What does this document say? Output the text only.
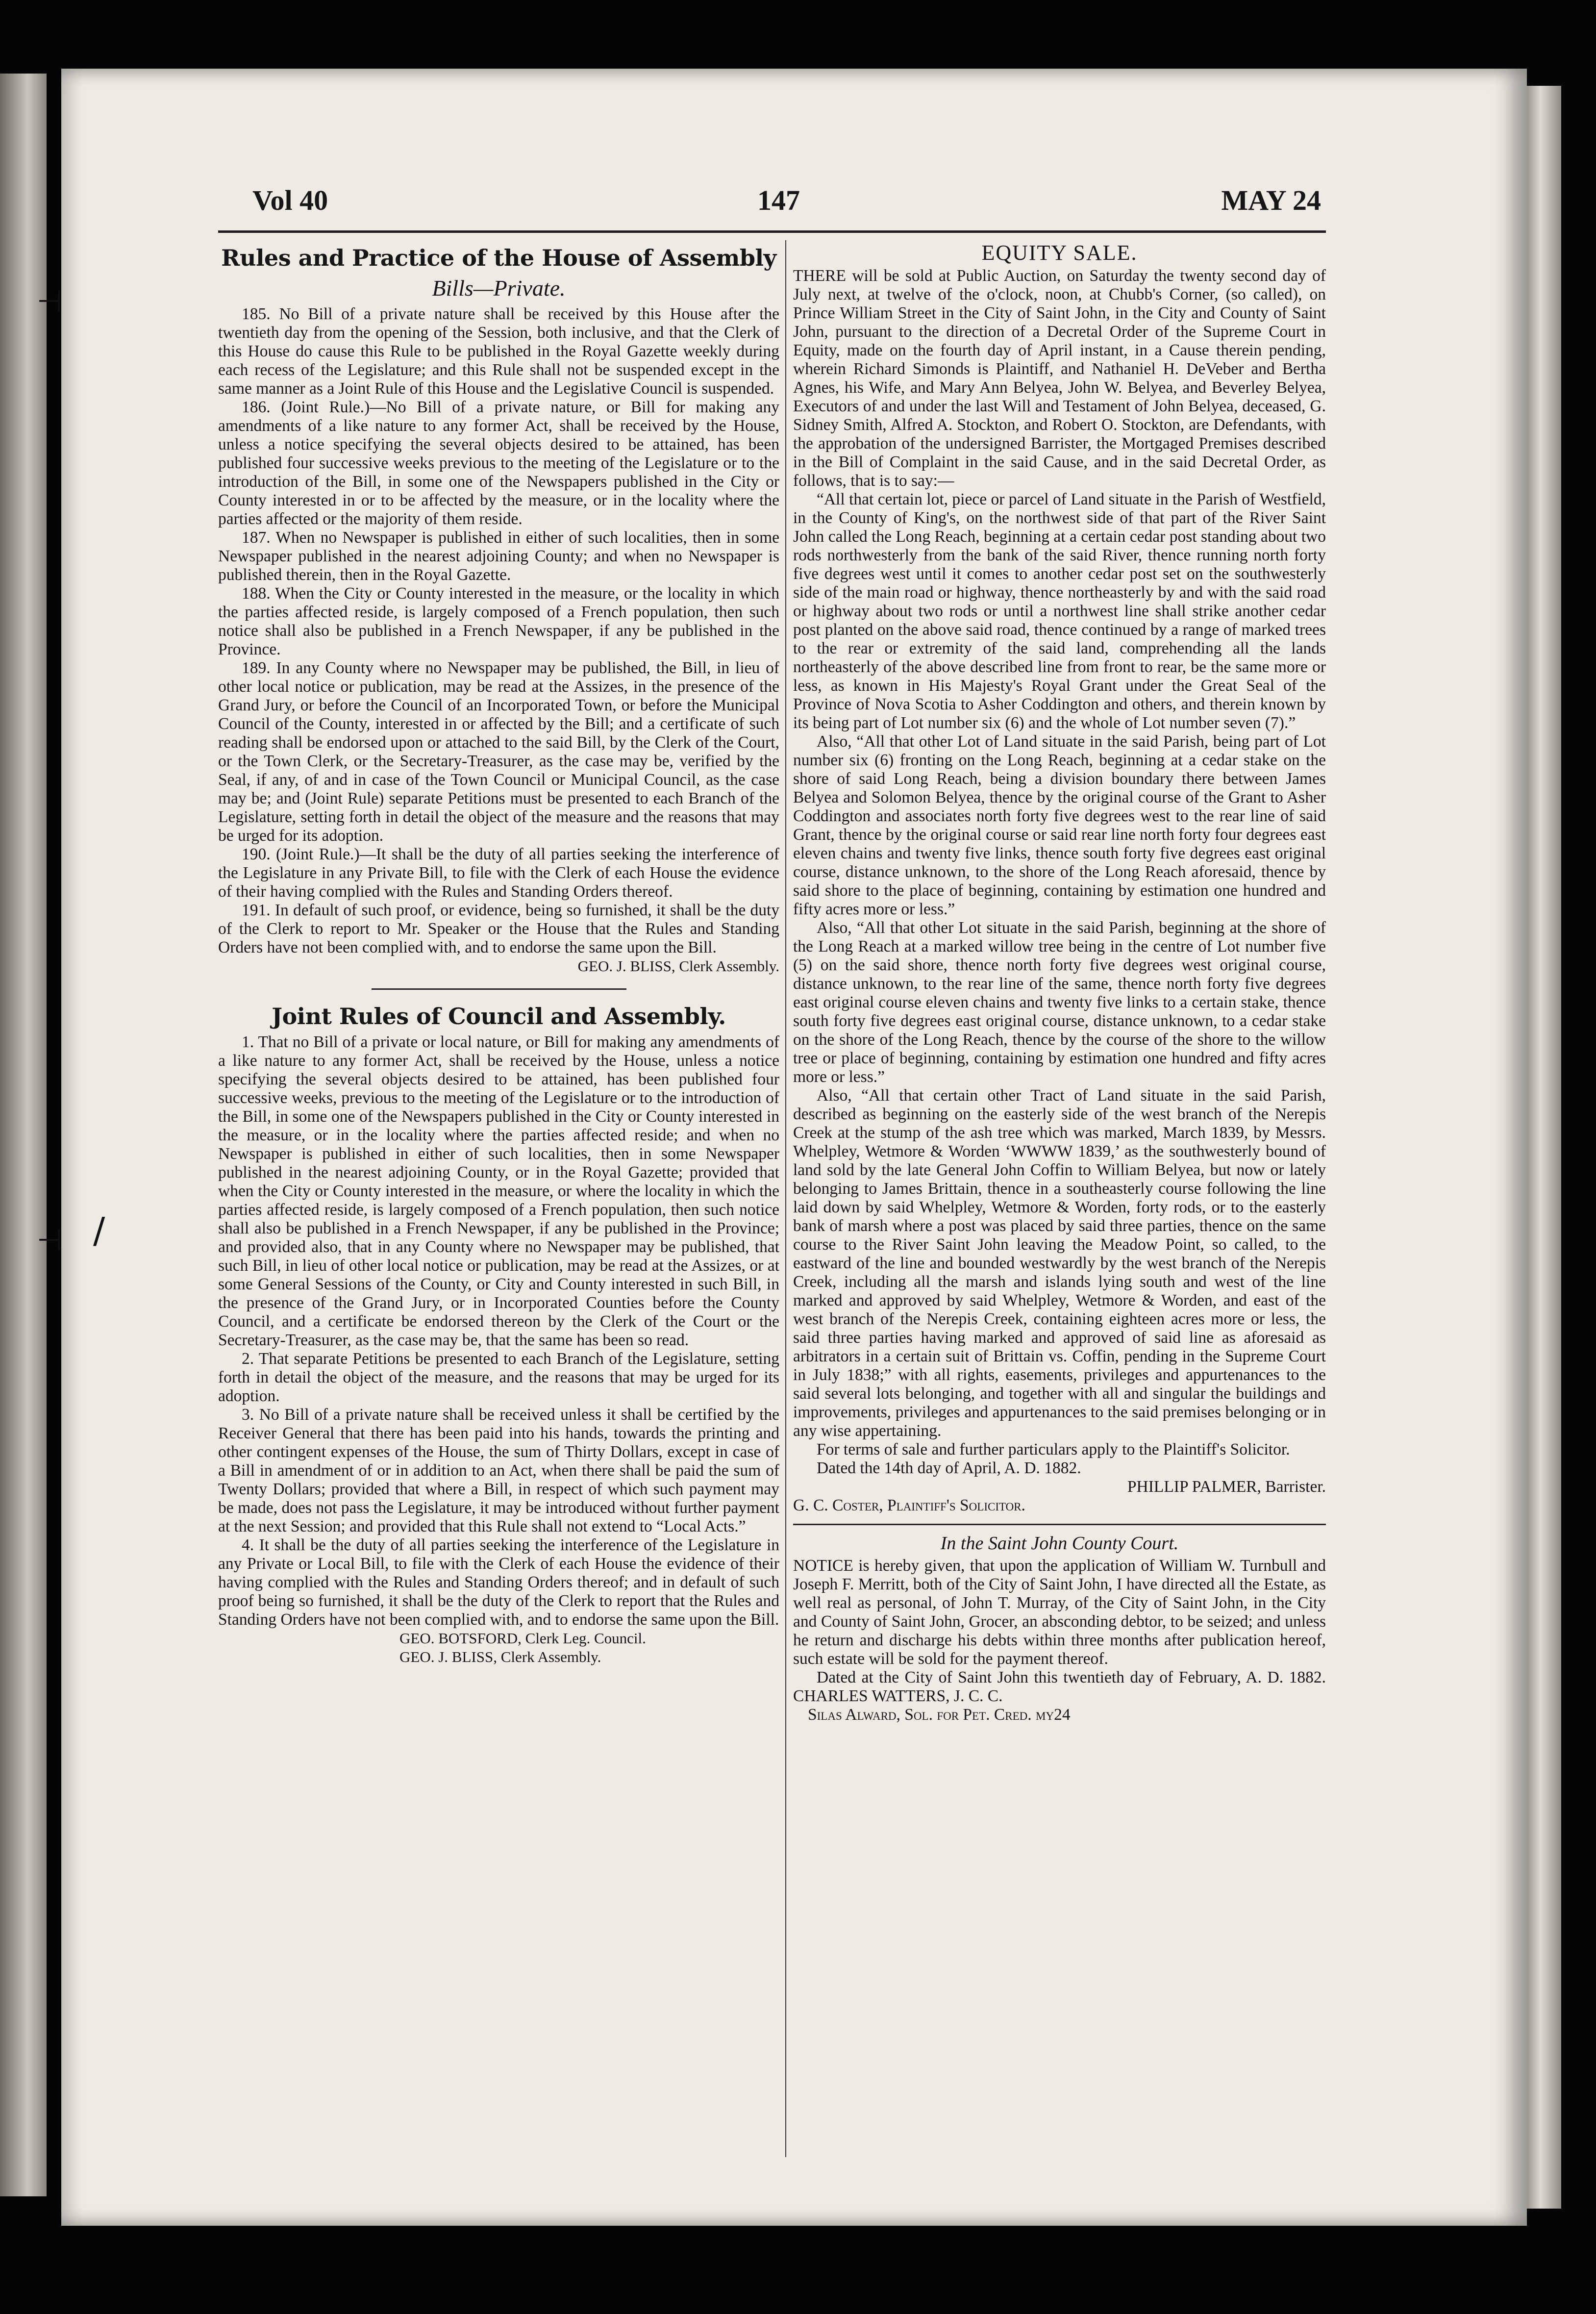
⊣
/
⊣
Vol 40	147	MAY 24
Rules and Practice of the House of Assembly
Bills—Private.

185. No Bill of a private nature shall be received by this House after the twentieth day from the opening of the Session, both inclusive, and that the Clerk of this House do cause this Rule to be published in the Royal Gazette weekly during each recess of the Legislature; and this Rule shall not be suspended except in the same manner as a Joint Rule of this House and the Legislative Council is suspended.

186. (Joint Rule.)—No Bill of a private nature, or Bill for making any amendments of a like nature to any former Act, shall be received by the House, unless a notice specifying the several objects desired to be attained, has been published four successive weeks previous to the meeting of the Legislature or to the introduction of the Bill, in some one of the Newspapers published in the City or County interested in or to be affected by the measure, or in the locality where the parties affected or the majority of them reside.

187. When no Newspaper is published in either of such localities, then in some Newspaper published in the nearest adjoining County; and when no Newspaper is published therein, then in the Royal Gazette.

188. When the City or County interested in the measure, or the locality in which the parties affected reside, is largely composed of a French population, then such notice shall also be published in a French Newspaper, if any be published in the Province.

189. In any County where no Newspaper may be published, the Bill, in lieu of other local notice or publication, may be read at the Assizes, in the presence of the Grand Jury, or before the Council of an Incorporated Town, or before the Municipal Council of the County, interested in or affected by the Bill; and a certificate of such reading shall be endorsed upon or attached to the said Bill, by the Clerk of the Court, or the Town Clerk, or the Secretary-Treasurer, as the case may be, verified by the Seal, if any, of and in case of the Town Council or Municipal Council, as the case may be; and (Joint Rule) separate Petitions must be presented to each Branch of the Legislature, setting forth in detail the object of the measure and the reasons that may be urged for its adoption.

190. (Joint Rule.)—It shall be the duty of all parties seeking the interference of the Legislature in any Private Bill, to file with the Clerk of each House the evidence of their having complied with the Rules and Standing Orders thereof.

191. In default of such proof, or evidence, being so furnished, it shall be the duty of the Clerk to report to Mr. Speaker or the House that the Rules and Standing Orders have not been complied with, and to endorse the same upon the Bill.

GEO. J. BLISS, Clerk Assembly.

Joint Rules of Council and Assembly.

1. That no Bill of a private or local nature, or Bill for making any amendments of a like nature to any former Act, shall be received by the House, unless a notice specifying the several objects desired to be attained, has been published four successive weeks, previous to the meeting of the Legislature or to the introduction of the Bill, in some one of the Newspapers published in the City or County interested in the measure, or in the locality where the parties affected reside; and when no Newspaper is published in either of such localities, then in some Newspaper published in the nearest adjoining County, or in the Royal Gazette; provided that when the City or County interested in the measure, or where the locality in which the parties affected reside, is largely composed of a French population, then such notice shall also be published in a French Newspaper, if any be published in the Province; and provided also, that in any County where no Newspaper may be published, that such Bill, in lieu of other local notice or publication, may be read at the Assizes, or at some General Sessions of the County, or City and County interested in such Bill, in the presence of the Grand Jury, or in Incorporated Counties before the County Council, and a certificate be endorsed thereon by the Clerk of the Court or the Secretary-Treasurer, as the case may be, that the same has been so read.

2. That separate Petitions be presented to each Branch of the Legislature, setting forth in detail the object of the measure, and the reasons that may be urged for its adoption.

3. No Bill of a private nature shall be received unless it shall be certified by the Receiver General that there has been paid into his hands, towards the printing and other contingent expenses of the House, the sum of Thirty Dollars, except in case of a Bill in amendment of or in addition to an Act, when there shall be paid the sum of Twenty Dollars; provided that where a Bill, in respect of which such payment may be made, does not pass the Legislature, it may be introduced without further payment at the next Session; and provided that this Rule shall not extend to “Local Acts.”

4. It shall be the duty of all parties seeking the interference of the Legislature in any Private or Local Bill, to file with the Clerk of each House the evidence of their having complied with the Rules and Standing Orders thereof; and in default of such proof being so furnished, it shall be the duty of the Clerk to report that the Rules and Standing Orders have not been complied with, and to endorse the same upon the Bill.

GEO. BOTSFORD, Clerk Leg. Council.

GEO. J. BLISS, Clerk Assembly.

EQUITY SALE.

THERE will be sold at Public Auction, on Saturday the twenty second day of July next, at twelve of the o'clock, noon, at Chubb's Corner, (so called), on Prince William Street in the City of Saint John, in the City and County of Saint John, pursuant to the direction of a Decretal Order of the Supreme Court in Equity, made on the fourth day of April instant, in a Cause therein pending, wherein Richard Simonds is Plaintiff, and Nathaniel H. DeVeber and Bertha Agnes, his Wife, and Mary Ann Belyea, John W. Belyea, and Beverley Belyea, Executors of and under the last Will and Testament of John Belyea, deceased, G. Sidney Smith, Alfred A. Stockton, and Robert O. Stockton, are Defendants, with the approbation of the undersigned Barrister, the Mortgaged Premises described in the Bill of Complaint in the said Cause, and in the said Decretal Order, as follows, that is to say:—

“All that certain lot, piece or parcel of Land situate in the Parish of Westfield, in the County of King's, on the northwest side of that part of the River Saint John called the Long Reach, beginning at a certain cedar post standing about two rods northwesterly from the bank of the said River, thence running north forty five degrees west until it comes to another cedar post set on the southwesterly side of the main road or highway, thence northeasterly by and with the said road or highway about two rods or until a northwest line shall strike another cedar post planted on the above said road, thence continued by a range of marked trees to the rear or extremity of the said land, comprehending all the lands northeasterly of the above described line from front to rear, be the same more or less, as known in His Majesty's Royal Grant under the Great Seal of the Province of Nova Scotia to Asher Coddington and others, and therein known by its being part of Lot number six (6) and the whole of Lot number seven (7).”

Also, “All that other Lot of Land situate in the said Parish, being part of Lot number six (6) fronting on the Long Reach, beginning at a cedar stake on the shore of said Long Reach, being a division boundary there between James Belyea and Solomon Belyea, thence by the original course of the Grant to Asher Coddington and associates north forty five degrees west to the rear line of said Grant, thence by the original course or said rear line north forty four degrees east eleven chains and twenty five links, thence south forty five degrees east original course, distance unknown, to the shore of the Long Reach aforesaid, thence by said shore to the place of beginning, containing by estimation one hundred and fifty acres more or less.”

Also, “All that other Lot situate in the said Parish, beginning at the shore of the Long Reach at a marked willow tree being in the centre of Lot number five (5) on the said shore, thence north forty five degrees west original course, distance unknown, to the rear line of the same, thence north forty five degrees east original course eleven chains and twenty five links to a certain stake, thence south forty five degrees east original course, distance unknown, to a cedar stake on the shore of the Long Reach, thence by the course of the shore to the willow tree or place of beginning, containing by estimation one hundred and fifty acres more or less.”

Also, “All that certain other Tract of Land situate in the said Parish, described as beginning on the easterly side of the west branch of the Nerepis Creek at the stump of the ash tree which was marked, March 1839, by Messrs. Whelpley, Wetmore & Worden ‘WWWW 1839,’ as the southwesterly bound of land sold by the late General John Coffin to William Belyea, but now or lately belonging to James Brittain, thence in a southeasterly course following the line laid down by said Whelpley, Wetmore & Worden, forty rods, or to the easterly bank of marsh where a post was placed by said three parties, thence on the same course to the River Saint John leaving the Meadow Point, so called, to the eastward of the line and bounded westwardly by the west branch of the Nerepis Creek, including all the marsh and islands lying south and west of the line marked and approved by said Whelpley, Wetmore & Worden, and east of the west branch of the Nerepis Creek, containing eighteen acres more or less, the said three parties having marked and approved of said line as aforesaid as arbitrators in a certain suit of Brittain vs. Coffin, pending in the Supreme Court in July 1838;” with all rights, easements, privileges and appurtenances to the said several lots belonging, and together with all and singular the buildings and improvements, privileges and appurtenances to the said premises belonging or in any wise appertaining.

For terms of sale and further particulars apply to the Plaintiff's Solicitor.

Dated the 14th day of April, A. D. 1882.

PHILLIP PALMER, Barrister.

G. C. Coster, Plaintiff's Solicitor.

In the Saint John County Court.

NOTICE is hereby given, that upon the application of William W. Turnbull and Joseph F. Merritt, both of the City of Saint John, I have directed all the Estate, as well real as personal, of John T. Murray, of the City of Saint John, in the City and County of Saint John, Grocer, an absconding debtor, to be seized; and unless he return and discharge his debts within three months after publication hereof, such estate will be sold for the payment thereof.

Dated at the City of Saint John this twentieth day of February, A. D. 1882. CHARLES WATTERS, J. C. C.

Silas Alward, Sol. for Pet. Cred. my24
